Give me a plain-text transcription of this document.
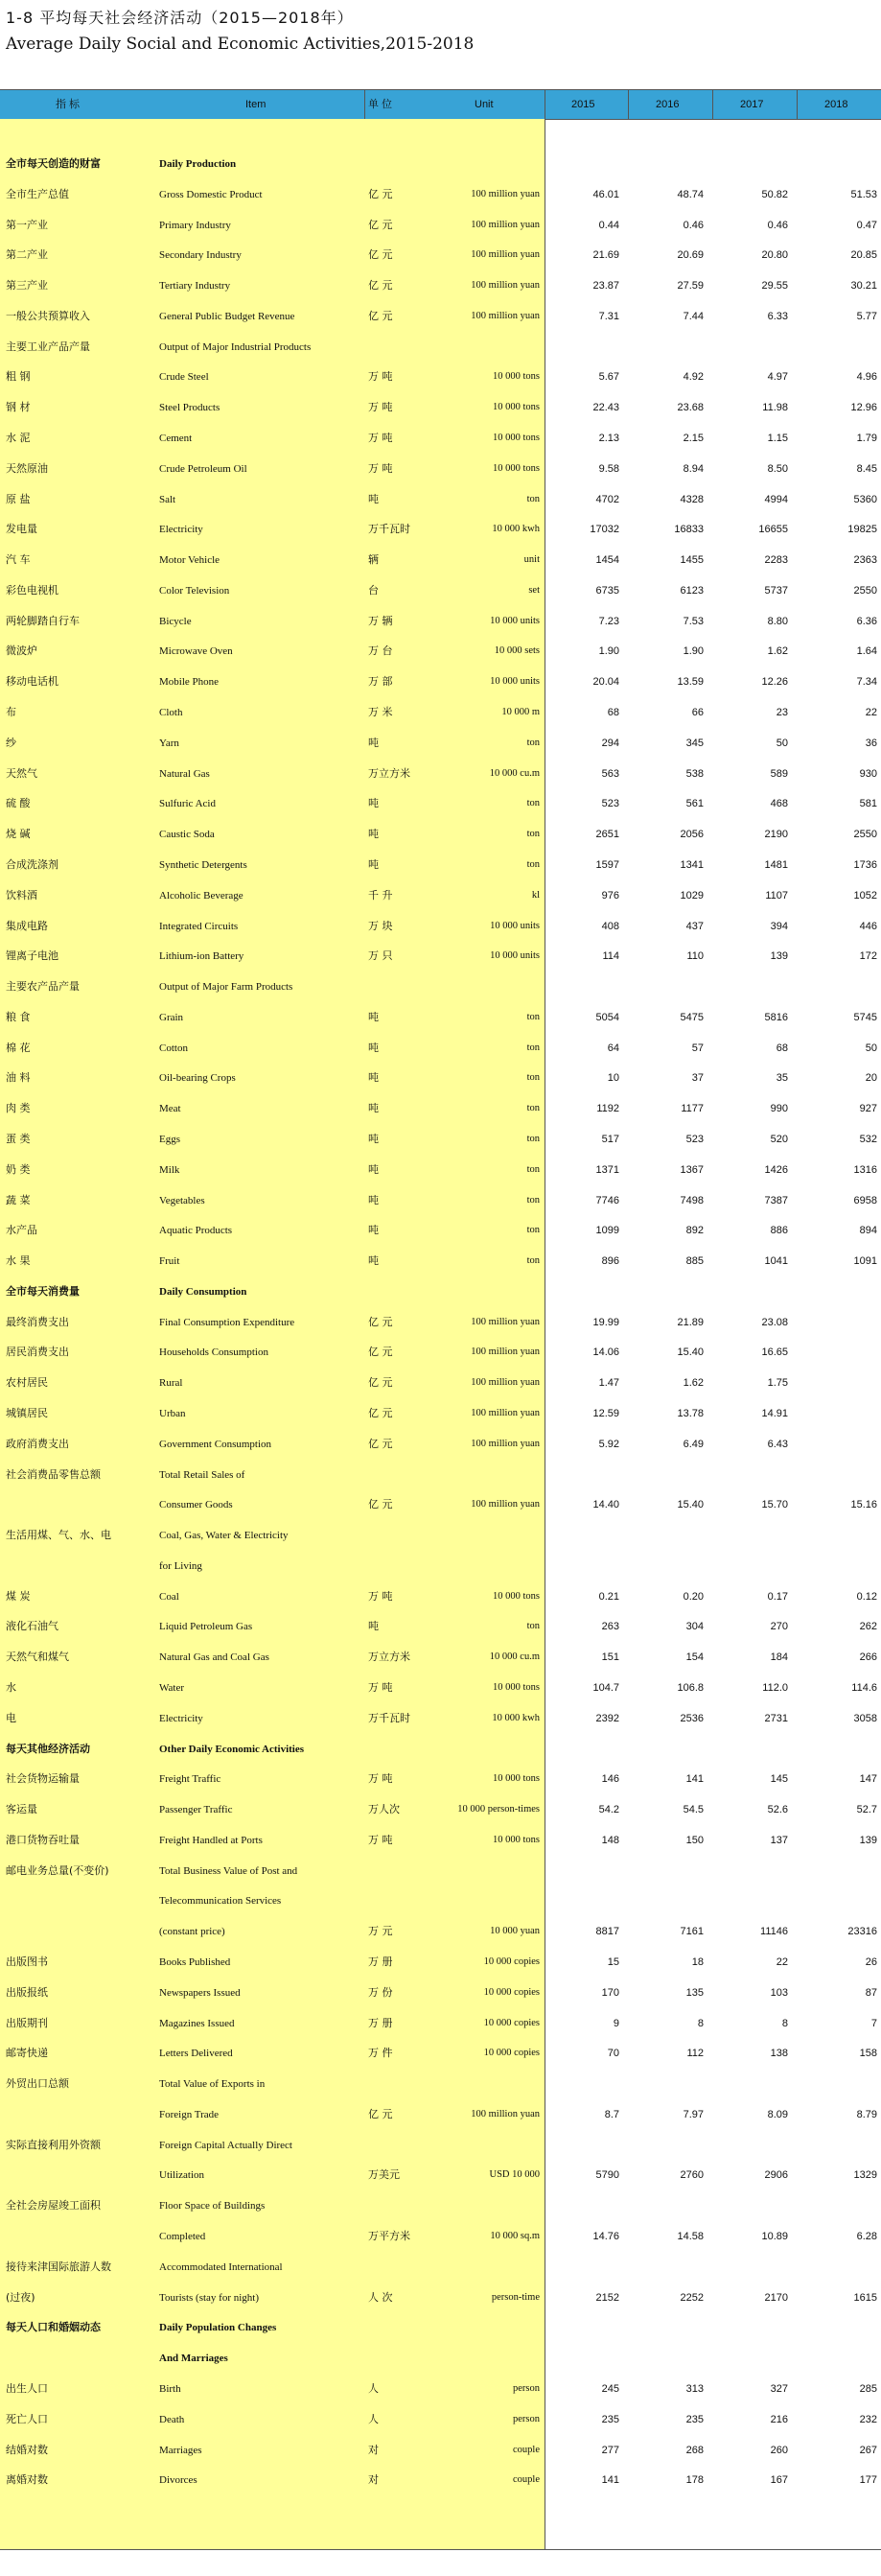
1-8 平均每天社会经济活动（2015—2018年）
Average Daily Social and Economic Activities,2015-2018
指 标	Item	单 位	Unit	2015	2016	2017	2018
全市每天创造的财富	Daily Production
全市生产总值	Gross Domestic Product	亿 元	100 million yuan	46.01	48.74	50.82	51.53
第一产业	Primary Industry	亿 元	100 million yuan	0.44	0.46	0.46	0.47
第二产业	Secondary Industry	亿 元	100 million yuan	21.69	20.69	20.80	20.85
第三产业	Tertiary Industry	亿 元	100 million yuan	23.87	27.59	29.55	30.21
一般公共预算收入	General Public Budget Revenue	亿 元	100 million yuan	7.31	7.44	6.33	5.77
主要工业产品产量	Output of Major Industrial Products
粗 钢	Crude Steel	万 吨	10 000 tons	5.67	4.92	4.97	4.96
钢 材	Steel Products	万 吨	10 000 tons	22.43	23.68	11.98	12.96
水 泥	Cement	万 吨	10 000 tons	2.13	2.15	1.15	1.79
天然原油	Crude Petroleum Oil	万 吨	10 000 tons	9.58	8.94	8.50	8.45
原 盐	Salt	吨	ton	4702	4328	4994	5360
发电量	Electricity	万千瓦时	10 000 kwh	17032	16833	16655	19825
汽 车	Motor Vehicle	辆	unit	1454	1455	2283	2363
彩色电视机	Color Television	台	set	6735	6123	5737	2550
两轮脚踏自行车	Bicycle	万 辆	10 000 units	7.23	7.53	8.80	6.36
微波炉	Microwave Oven	万 台	10 000 sets	1.90	1.90	1.62	1.64
移动电话机	Mobile Phone	万 部	10 000 units	20.04	13.59	12.26	7.34
布	Cloth	万 米	10 000 m	68	66	23	22
纱	Yarn	吨	ton	294	345	50	36
天然气	Natural Gas	万立方米	10 000 cu.m	563	538	589	930
硫 酸	Sulfuric Acid	吨	ton	523	561	468	581
烧 碱	Caustic Soda	吨	ton	2651	2056	2190	2550
合成洗涤剂	Synthetic Detergents	吨	ton	1597	1341	1481	1736
饮料酒	Alcoholic Beverage	千 升	kl	976	1029	1107	1052
集成电路	Integrated Circuits	万 块	10 000 units	408	437	394	446
锂离子电池	Lithium-ion Battery	万 只	10 000 units	114	110	139	172
主要农产品产量	Output of Major Farm Products
粮 食	Grain	吨	ton	5054	5475	5816	5745
棉 花	Cotton	吨	ton	64	57	68	50
油 料	Oil-bearing Crops	吨	ton	10	37	35	20
肉 类	Meat	吨	ton	1192	1177	990	927
蛋 类	Eggs	吨	ton	517	523	520	532
奶 类	Milk	吨	ton	1371	1367	1426	1316
蔬 菜	Vegetables	吨	ton	7746	7498	7387	6958
水产品	Aquatic Products	吨	ton	1099	892	886	894
水 果	Fruit	吨	ton	896	885	1041	1091
全市每天消费量	Daily Consumption
最终消费支出	Final Consumption Expenditure	亿 元	100 million yuan	19.99	21.89	23.08
居民消费支出	Households Consumption	亿 元	100 million yuan	14.06	15.40	16.65
农村居民	Rural	亿 元	100 million yuan	1.47	1.62	1.75
城镇居民	Urban	亿 元	100 million yuan	12.59	13.78	14.91
政府消费支出	Government Consumption	亿 元	100 million yuan	5.92	6.49	6.43
社会消费品零售总额	Total Retail Sales of
Consumer Goods	亿 元	100 million yuan	14.40	15.40	15.70	15.16
生活用煤、气、水、电	Coal, Gas, Water & Electricity
for Living
煤 炭	Coal	万 吨	10 000 tons	0.21	0.20	0.17	0.12
液化石油气	Liquid Petroleum Gas	吨	ton	263	304	270	262
天然气和煤气	Natural Gas and Coal Gas	万立方米	10 000 cu.m	151	154	184	266
水	Water	万 吨	10 000 tons	104.7	106.8	112.0	114.6
电	Electricity	万千瓦时	10 000 kwh	2392	2536	2731	3058
每天其他经济活动	Other Daily Economic Activities
社会货物运输量	Freight Traffic	万 吨	10 000 tons	146	141	145	147
客运量	Passenger Traffic	万人次	10 000 person-times	54.2	54.5	52.6	52.7
港口货物吞吐量	Freight Handled at Ports	万 吨	10 000 tons	148	150	137	139
邮电业务总量(不变价)	Total Business Value of Post and
Telecommunication Services
(constant price)	万 元	10 000 yuan	8817	7161	11146	23316
出版图书	Books Published	万 册	10 000 copies	15	18	22	26
出版报纸	Newspapers Issued	万 份	10 000 copies	170	135	103	87
出版期刊	Magazines Issued	万 册	10 000 copies	9	8	8	7
邮寄快递	Letters Delivered	万 件	10 000 copies	70	112	138	158
外贸出口总额	Total Value of Exports in
Foreign Trade	亿 元	100 million yuan	8.7	7.97	8.09	8.79
实际直接利用外资额	Foreign Capital Actually Direct
Utilization	万美元	USD 10 000	5790	2760	2906	1329
全社会房屋竣工面积	Floor Space of Buildings
Completed	万平方米	10 000 sq.m	14.76	14.58	10.89	6.28
接待来津国际旅游人数	Accommodated International
(过夜)	Tourists (stay for night)	人 次	person-time	2152	2252	2170	1615
每天人口和婚姻动态	Daily Population Changes
And Marriages
出生人口	Birth	人	person	245	313	327	285
死亡人口	Death	人	person	235	235	216	232
结婚对数	Marriages	对	couple	277	268	260	267
离婚对数	Divorces	对	couple	141	178	167	177
